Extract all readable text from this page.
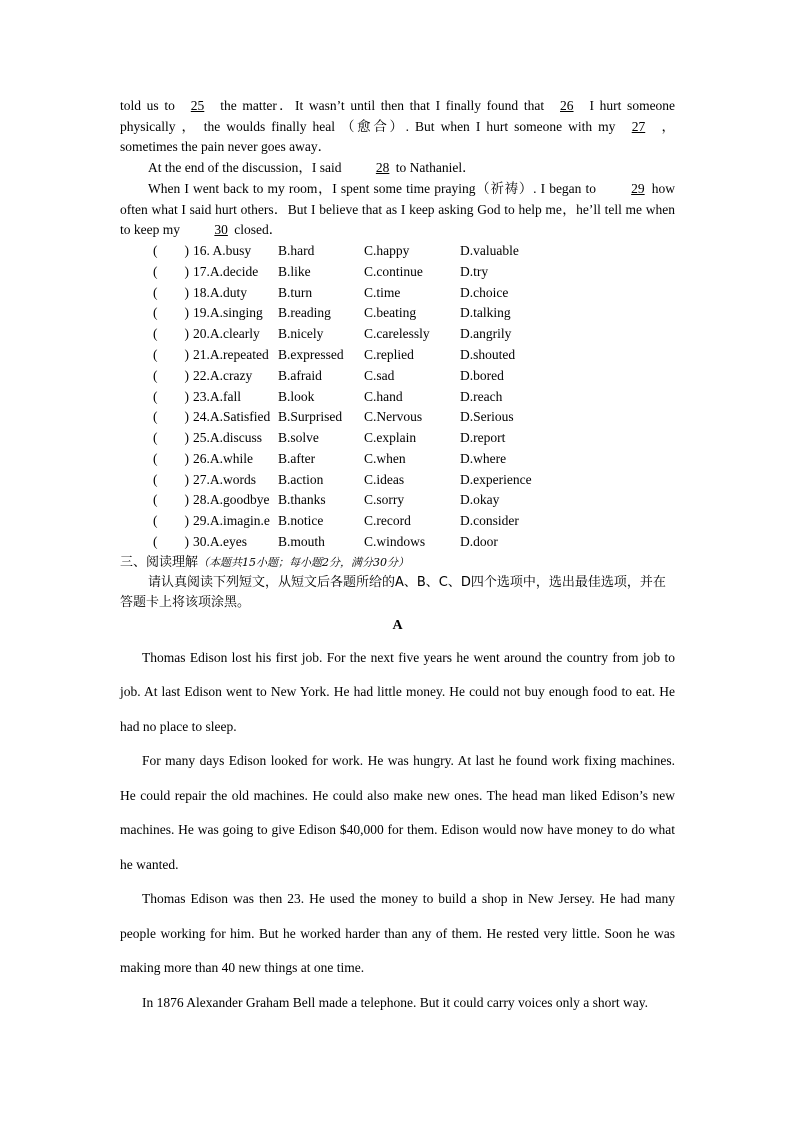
told us to 25 the matter．It wasn’t until then that I finally found that 26 I hurt someone physically ， the woulds finally heal （愈合）. But when I hurt someone with my 27 ，sometimes the pain never goes away．

At the end of the discussion，I said	28 to Nathaniel．

When I went back to my room，I spent some time praying（祈祷）. I began to	29 how often what I said hurt others．But I believe that as I keep asking God to help me，he’ll tell me when to keep my	30 closed．

(　　) 16. A.busy	B.hard	C.happy	D.valuable
(　　) 17.A.decide	B.like	C.continue	D.try
(　　) 18.A.duty	B.turn	C.time	D.choice
(　　) 19.A.singing	B.reading	C.beating	D.talking
(　　) 20.A.clearly	B.nicely	C.carelessly	D.angrily
(　　) 21.A.repeated B.expressed	C.replied	D.shouted
(　　) 22.A.crazy	B.afraid	C.sad	D.bored
(　　) 23.A.fall	B.look	C.hand	D.reach
(　　) 24.A.Satisfied B.Surprised	C.Nervous	D.Serious
(　　) 25.A.discuss	B.solve	C.explain	D.report
(　　) 26.A.while	B.after	C.when	D.where
(　　) 27.A.words	B.action	C.ideas	D.experience
(　　) 28.A.goodbye B.thanks	C.sorry	D.okay
(　　) 29.A.imagin.e B.notice	C.record	D.consider
(　　) 30.A.eyes	B.mouth	C.windows	D.door

三、阅读理解（本题共15小题；每小题2分，满分30分）

请认真阅读下列短文，从短文后各题所给的A、B、C、D四个选项中，选出最佳选项，并在答题卡上将该项涂黑。

A

Thomas Edison lost his first job. For the next five years he went around the country from job to job. At last Edison went to New York. He had little money. He could not buy enough food to eat. He had no place to sleep.

For many days Edison looked for work. He was hungry. At last he found work fixing machines. He could repair the old machines. He could also make new ones. The head man liked Edison’s new machines. He was going to give Edison $40,000 for them. Edison would now have money to do what he wanted.

Thomas Edison was then 23. He used the money to build a shop in New Jersey. He had many people working for him. But he worked harder than any of them. He rested very little. Soon he was making more than 40 new things at one time.

In 1876 Alexander Graham Bell made a telephone. But it could carry voices only a short way.
